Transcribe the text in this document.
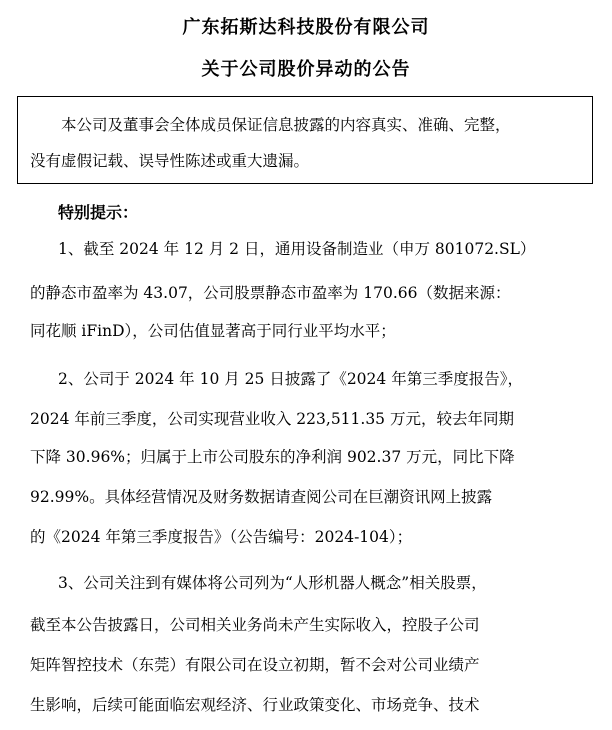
广东拓斯达科技股份有限公司
关于公司股价异动的公告
本公司及董事会全体成员保证信息披露的内容真实、准确、完整，
没有虚假记载、误导性陈述或重大遗漏。
特别提示：
1、截至 2024 年 12 月 2 日，通用设备制造业（申万 801072.SL）
的静态市盈率为 43.07，公司股票静态市盈率为 170.66（数据来源：
同花顺 iFinD），公司估值显著高于同行业平均水平；
2、公司于 2024 年 10 月 25 日披露了《2024 年第三季度报告》，
2024 年前三季度，公司实现营业收入 223,511.35 万元，较去年同期
下降 30.96%；归属于上市公司股东的净利润 902.37 万元，同比下降
92.99%。具体经营情况及财务数据请查阅公司在巨潮资讯网上披露
的《2024 年第三季度报告》（公告编号：2024-104）；
3、公司关注到有媒体将公司列为“人形机器人概念”相关股票，
截至本公告披露日，公司相关业务尚未产生实际收入，控股子公司
矩阵智控技术（东莞）有限公司在设立初期，暂不会对公司业绩产
生影响，后续可能面临宏观经济、行业政策变化、市场竞争、技术
